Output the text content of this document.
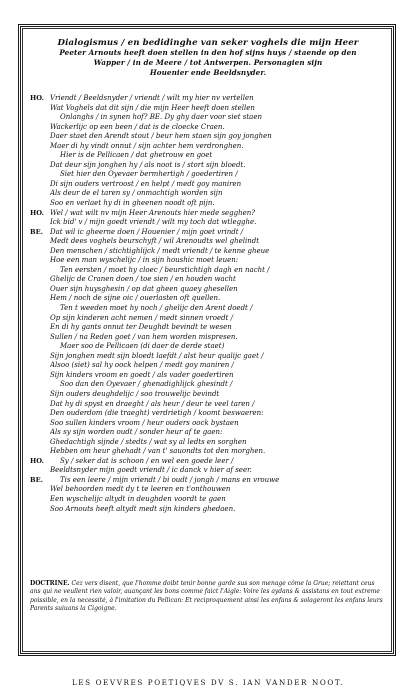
Dialogismus / en bedidinghe van seker voghels die mijn Heer
Peeter Arnouts heeft doen stellen in den hof sijns huys / staende op den
Wapper / in de Meere / tot Antwerpen. Personagien sijn
Houenier ende Beeldsnyder.
HO. Vriendt / Beeldsnyder / vriendt / wilt my hier nv vertellen
Wat Voghels dat dit sijn / die mijn Heer heeft doen stellen
Onlanghs / in synen hof? BE. Dy ghy daer voor siet staen
Wackerlijc op een been / dat is de cloecke Craen.
Daer staet den Arendt stout / beur hem staen sijn goy jonghen
Maer di hy vindt onnut / sijn achter hem verdronghen.
Hier is de Pellicaen / dat ghetrouw en goet
Dat deur sijn jonghen hy / als noot is / stort sijn bloedt.
Siet hier den Oyevaer bermhertigh / goedertiren /
Di sijn ouders vertroost / en helpt / medt goy maniren
Als deur de el taren sy / onmachtigh worden sijn
Soo en verlaet hy di in gheenen noodt oft pijn.
HO. Wel / wat wilt nv mijn Heer Arenouts hier mede segghen?
Ick bid' v / mijn goedt vriendt / wilt my toch dat wtlegghe.
BE.	Dat wil ic gheerne doen / Houenier / mijn goet vrindt /
Medt dees voghels beurschyft / wil Arenoudts wel ghelindt
Den menschen / stichtighlijck / medt vriendt / te kenne gheue
Hoe een man wyschelijc / in sijn houshic moet leuen:
Ten eersten / moet hy cloec / beurstichtigh dagh en nacht /
Ghelijc de Cranen doen / toe sien / en houden wacht
Ouer sijn huysghesin / op dat gheen quaey ghesellen
Hem / noch de sijne oic / ouerlasten oft quellen.
Ten t weeden moet hy noch / ghelijc den Arent doedt /
Op sijn kinderen acht nemen / medt sinnen vroedt /
En di hy gants onnut ter Deughdt bevindt te wesen
Sullen / na Reden goet / van hem worden mispresen.
Maer soo de Pellicaen (di daer de derde staet)
Sijn jonghen medt sijn bloedt laefdt / alst heur qualijc gaet /
Alsoo (siet) sal hy oock helpen / medt goy maniren /
Sijn kinders vroom en goedt / als vader goedertiren
Soo dan den Oyevaer / ghenadighlijck ghesindt /
Sijn ouders deughdelijc / soo trouwelijc bevindt
Dat hy di spyst en draeght / als heur / deur te veel taren /
Den ouderdom (die traeght) verdrietigh / koomt beswaeren:
Soo sullen kinders vroom / heur ouders oock bystaen
Als sy sijn worden oudt / sonder heur af te gaen:
Ghedachtigh sijnde / stedts / wat sy al ledts en sorghen
Hebben om heur ghehadt / van t' sauondts tot den morghen.
HO.	Sy / seker dat is schoon / en wel een goede leer /
Beeldtsnyder mijn goedt vriendt / ic danck v hier af seer.
BE.	Tis een leere / mijn vriendt / bi oudt / jongh / mans en vrouwe
Wel behoorden medt dy t te leeren en t'onthouwen
Een wyschelijc altydt in deughden voordt te gaen
Soo Arnouts heeft altydt medt sijn kinders ghedaen.
DOCTRINE. Cez vers disent, que l'homme doibt tenir bonne garde sus son menage côme la Grue; reiettant ceus ans qui ne veullent rien valoir, auançant les bons comme faict l'Aigle: Voire les aydans & assistans en tout extreme poissible, en la necessité, à l'imitation du Pellican: Et reciproquement ainsi les enfans & solageront les enfans leurs Parents suiuans la Cigoigne.
LES OEVVRES POETIQVES DV S. IAN VANDER NOOT.
